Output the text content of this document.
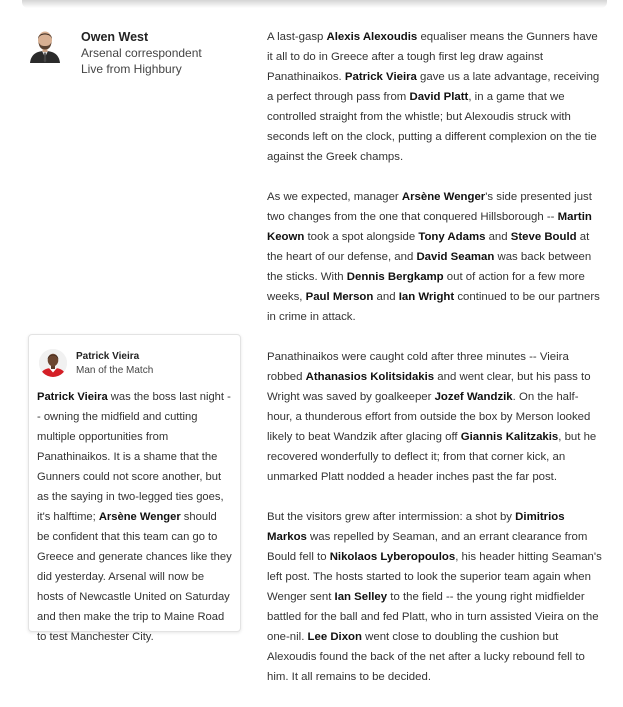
Owen West
Arsenal correspondent
Live from Highbury

A last-gasp Alexis Alexoudis equaliser means the Gunners have it all to do in Greece after a tough first leg draw against Panathinaikos. Patrick Vieira gave us a late advantage, receiving a perfect through pass from David Platt, in a game that we controlled straight from the whistle; but Alexoudis struck with seconds left on the clock, putting a different complexion on the tie against the Greek champs.

As we expected, manager Arsène Wenger's side presented just two changes from the one that conquered Hillsborough -- Martin Keown took a spot alongside Tony Adams and Steve Bould at the heart of our defense, and David Seaman was back between the sticks. With Dennis Bergkamp out of action for a few more weeks, Paul Merson and Ian Wright continued to be our partners in crime in attack.

Panathinaikos were caught cold after three minutes -- Vieira robbed Athanasios Kolitsidakis and went clear, but his pass to Wright was saved by goalkeeper Jozef Wandzik. On the half-hour, a thunderous effort from outside the box by Merson looked likely to beat Wandzik after glacing off Giannis Kalitzakis, but he recovered wonderfully to deflect it; from that corner kick, an unmarked Platt nodded a header inches past the far post.

But the visitors grew after intermission: a shot by Dimitrios Markos was repelled by Seaman, and an errant clearance from Bould fell to Nikolaos Lyberopoulos, his header hitting Seaman's left post. The hosts started to look the superior team again when Wenger sent Ian Selley to the field -- the young right midfielder battled for the ball and fed Platt, who in turn assisted Vieira on the one-nil. Lee Dixon went close to doubling the cushion but Alexoudis found the back of the net after a lucky rebound fell to him. It all remains to be decided.

Patrick Vieira
Man of the Match
Patrick Vieira was the boss last night -- owning the midfield and cutting multiple opportunities from Panathinaikos. It is a shame that the Gunners could not score another, but as the saying in two-legged ties goes, it's halftime; Arsène Wenger should be confident that this team can go to Greece and generate chances like they did yesterday. Arsenal will now be hosts of Newcastle United on Saturday and then make the trip to Maine Road to test Manchester City.
